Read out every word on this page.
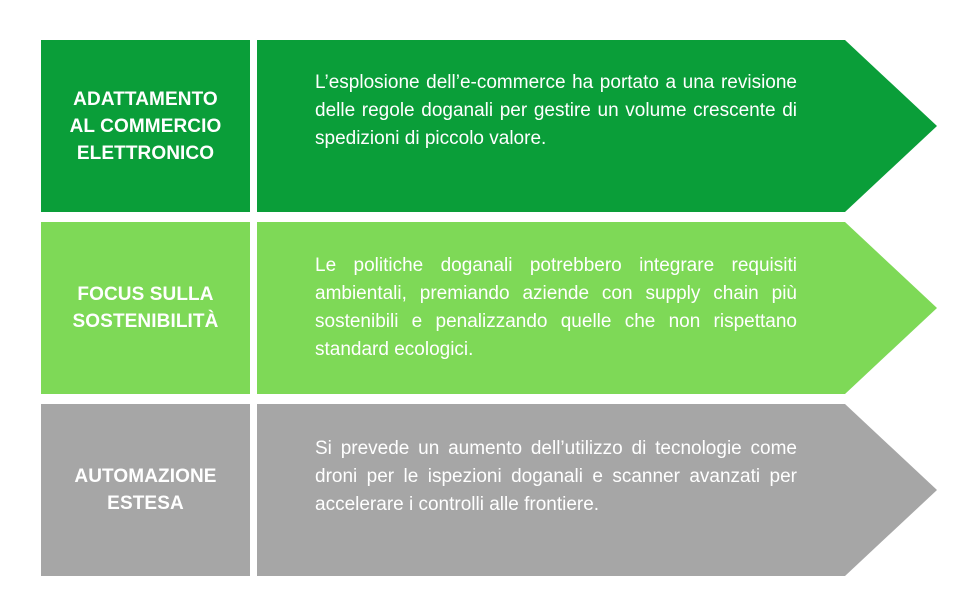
ADATTAMENTO
AL COMMERCIO
ELETTRONICO

L’esplosione dell’e-commerce ha portato a una revisione delle regole doganali per gestire un volume crescente di spedizioni di piccolo valore.

FOCUS SULLA
SOSTENIBILITÀ

Le politiche doganali potrebbero integrare requisiti ambientali, premiando aziende con supply chain più sostenibili e penalizzando quelle che non rispettano standard ecologici.

AUTOMAZIONE
ESTESA

Si prevede un aumento dell’utilizzo di tecnologie come droni per le ispezioni doganali e scanner avanzati per accelerare i controlli alle frontiere.
